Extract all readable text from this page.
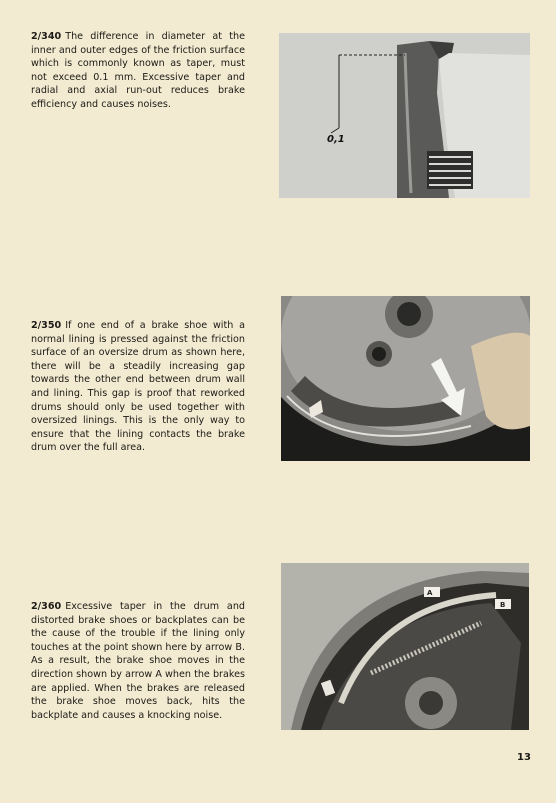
2/340 The difference in diameter at the inner and outer edges of the friction surface which is commonly known as taper, must not exceed 0.1 mm. Excessive taper and radial and axial run-out reduces brake efficiency and causes noises.
0,1
2/350 If one end of a brake shoe with a normal lining is pressed against the friction surface of an oversize drum as shown here, there will be a steadily increasing gap towards the other end between drum wall and lining. This gap is proof that reworked drums should only be used together with oversized linings. This is the only way to ensure that the lining contacts the brake drum over the full area.
2/360 Excessive taper in the drum and distorted brake shoes or backplates can be the cause of the trouble if the lining only touches at the point shown here by arrow B. As a result, the brake shoe moves in the direction shown by arrow A when the brakes are applied. When the brakes are released the brake shoe moves back, hits the backplate and causes a knocking noise.
A
B
13
